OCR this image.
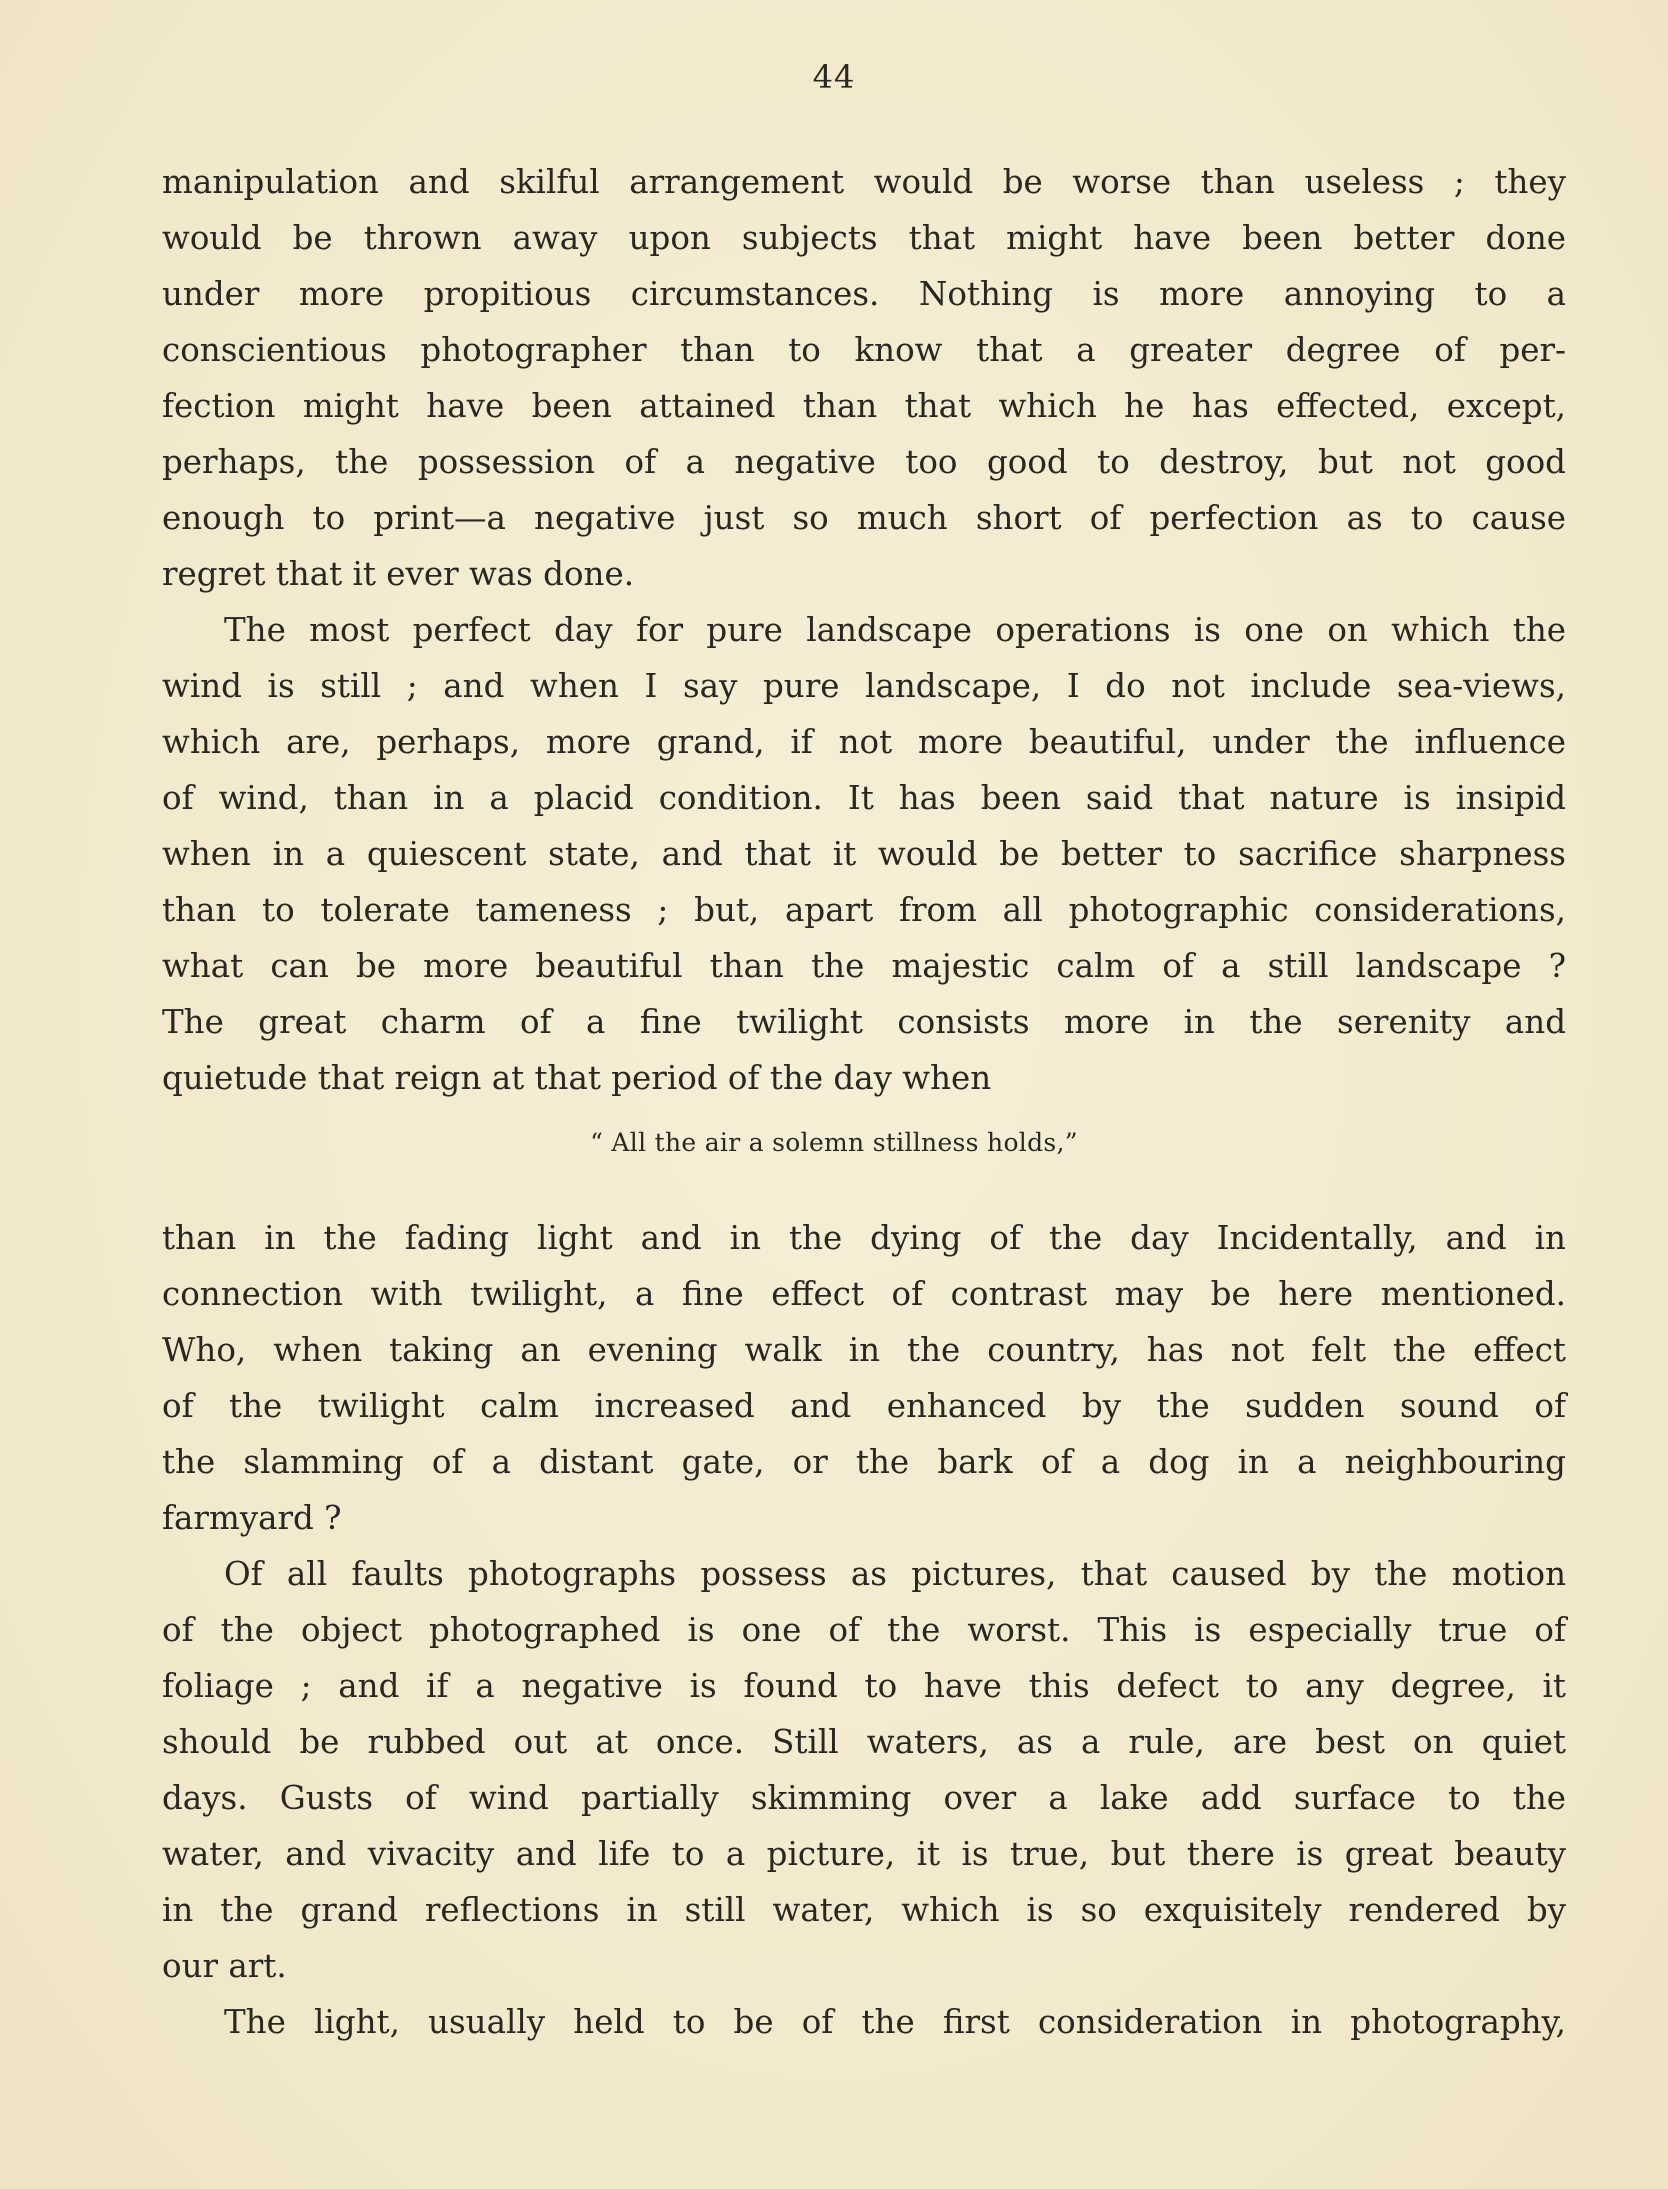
44
manipulation and skilful arrangement would be worse than useless ; they
would be thrown away upon subjects that might have been better done
under more propitious circumstances. Nothing is more annoying to a
conscientious photographer than to know that a greater degree of per-
fection might have been attained than that which he has effected, except,
perhaps, the possession of a negative too good to destroy, but not good
enough to print—a negative just so much short of perfection as to cause
regret that it ever was done.
The most perfect day for pure landscape operations is one on which the
wind is still ; and when I say pure landscape, I do not include sea-views,
which are, perhaps, more grand, if not more beautiful, under the influence
of wind, than in a placid condition. It has been said that nature is insipid
when in a quiescent state, and that it would be better to sacrifice sharpness
than to tolerate tameness ; but, apart from all photographic considerations,
what can be more beautiful than the majestic calm of a still landscape ?
The great charm of a fine twilight consists more in the serenity and
quietude that reign at that period of the day when
“ All the air a solemn stillness holds,”
than in the fading light and in the dying of the day Incidentally, and in
connection with twilight, a fine effect of contrast may be here mentioned.
Who, when taking an evening walk in the country, has not felt the effect
of the twilight calm increased and enhanced by the sudden sound of
the slamming of a distant gate, or the bark of a dog in a neighbouring
farmyard ?
Of all faults photographs possess as pictures, that caused by the motion
of the object photographed is one of the worst. This is especially true of
foliage ; and if a negative is found to have this defect to any degree, it
should be rubbed out at once. Still waters, as a rule, are best on quiet
days. Gusts of wind partially skimming over a lake add surface to the
water, and vivacity and life to a picture, it is true, but there is great beauty
in the grand reflections in still water, which is so exquisitely rendered by
our art.
The light, usually held to be of the first consideration in photography,
